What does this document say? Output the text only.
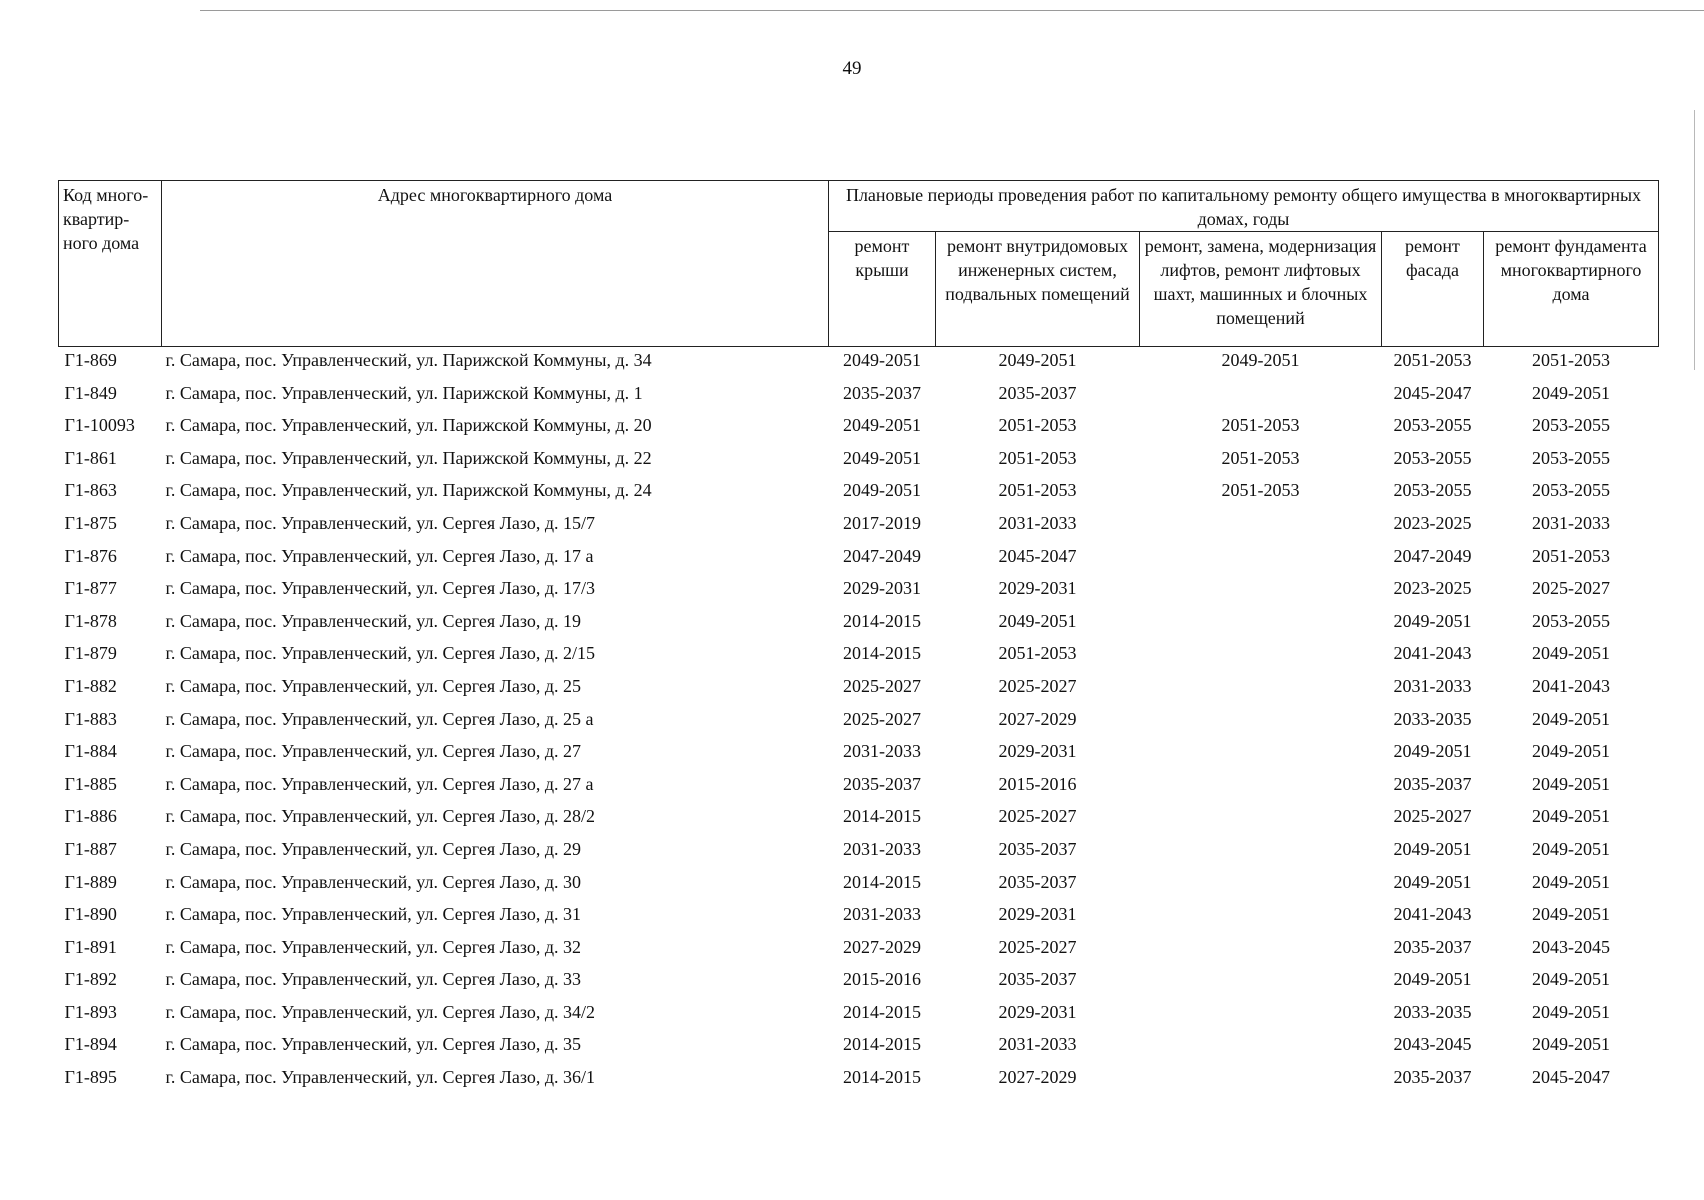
49
Код много-квартир-ного дома	Адрес многоквартирного дома	Плановые периоды проведения работ по капитальному ремонту общего имущества в многоквартирных домах, годы				
		ремонт крыши	ремонт внутридомовых инженерных систем, подвальных помещений	ремонт, замена, модернизация лифтов, ремонт лифтовых шахт, машинных и блочных помещений	ремонт фасада	ремонт фундамента многоквартирного дома
Г1-869	г. Самара, пос. Управленческий, ул. Парижской Коммуны, д. 34	2049-2051	2049-2051	2049-2051	2051-2053	2051-2053
Г1-849	г. Самара, пос. Управленческий, ул. Парижской Коммуны, д. 1	2035-2037	2035-2037		2045-2047	2049-2051
Г1-10093	г. Самара, пос. Управленческий, ул. Парижской Коммуны, д. 20	2049-2051	2051-2053	2051-2053	2053-2055	2053-2055
Г1-861	г. Самара, пос. Управленческий, ул. Парижской Коммуны, д. 22	2049-2051	2051-2053	2051-2053	2053-2055	2053-2055
Г1-863	г. Самара, пос. Управленческий, ул. Парижской Коммуны, д. 24	2049-2051	2051-2053	2051-2053	2053-2055	2053-2055
Г1-875	г. Самара, пос. Управленческий, ул. Сергея Лазо, д. 15/7	2017-2019	2031-2033		2023-2025	2031-2033
Г1-876	г. Самара, пос. Управленческий, ул. Сергея Лазо, д. 17 а	2047-2049	2045-2047		2047-2049	2051-2053
Г1-877	г. Самара, пос. Управленческий, ул. Сергея Лазо, д. 17/3	2029-2031	2029-2031		2023-2025	2025-2027
Г1-878	г. Самара, пос. Управленческий, ул. Сергея Лазо, д. 19	2014-2015	2049-2051		2049-2051	2053-2055
Г1-879	г. Самара, пос. Управленческий, ул. Сергея Лазо, д. 2/15	2014-2015	2051-2053		2041-2043	2049-2051
Г1-882	г. Самара, пос. Управленческий, ул. Сергея Лазо, д. 25	2025-2027	2025-2027		2031-2033	2041-2043
Г1-883	г. Самара, пос. Управленческий, ул. Сергея Лазо, д. 25 а	2025-2027	2027-2029		2033-2035	2049-2051
Г1-884	г. Самара, пос. Управленческий, ул. Сергея Лазо, д. 27	2031-2033	2029-2031		2049-2051	2049-2051
Г1-885	г. Самара, пос. Управленческий, ул. Сергея Лазо, д. 27 а	2035-2037	2015-2016		2035-2037	2049-2051
Г1-886	г. Самара, пос. Управленческий, ул. Сергея Лазо, д. 28/2	2014-2015	2025-2027		2025-2027	2049-2051
Г1-887	г. Самара, пос. Управленческий, ул. Сергея Лазо, д. 29	2031-2033	2035-2037		2049-2051	2049-2051
Г1-889	г. Самара, пос. Управленческий, ул. Сергея Лазо, д. 30	2014-2015	2035-2037		2049-2051	2049-2051
Г1-890	г. Самара, пос. Управленческий, ул. Сергея Лазо, д. 31	2031-2033	2029-2031		2041-2043	2049-2051
Г1-891	г. Самара, пос. Управленческий, ул. Сергея Лазо, д. 32	2027-2029	2025-2027		2035-2037	2043-2045
Г1-892	г. Самара, пос. Управленческий, ул. Сергея Лазо, д. 33	2015-2016	2035-2037		2049-2051	2049-2051
Г1-893	г. Самара, пос. Управленческий, ул. Сергея Лазо, д. 34/2	2014-2015	2029-2031		2033-2035	2049-2051
Г1-894	г. Самара, пос. Управленческий, ул. Сергея Лазо, д. 35	2014-2015	2031-2033		2043-2045	2049-2051
Г1-895	г. Самара, пос. Управленческий, ул. Сергея Лазо, д. 36/1	2014-2015	2027-2029		2035-2037	2045-2047
